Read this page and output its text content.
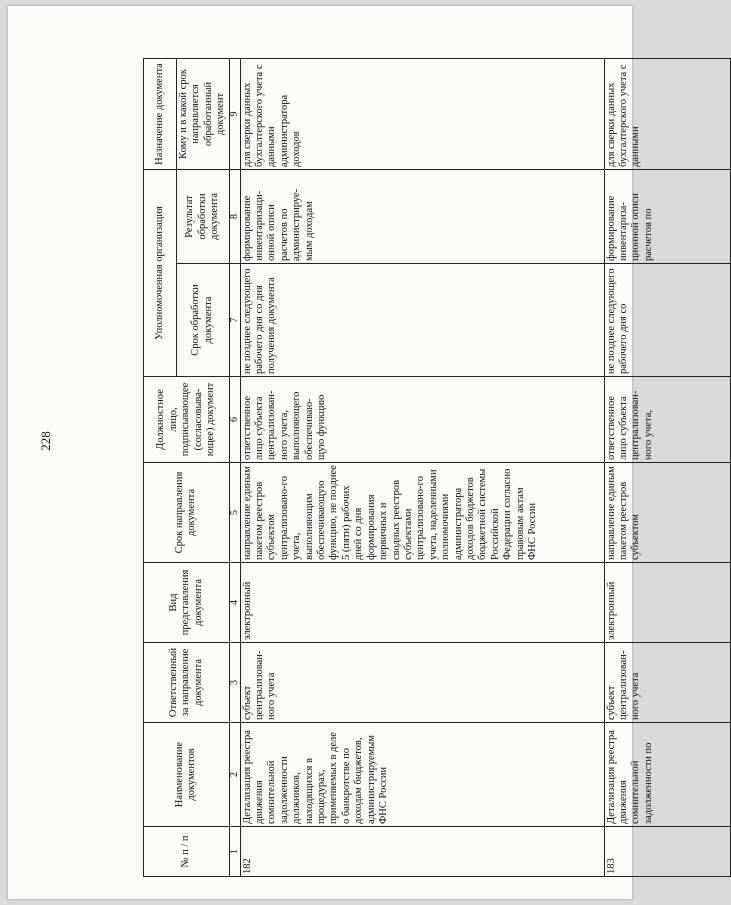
228
№ п / п	Наименование документов	Ответственный за направление документа	Вид представления документа	Срок направления документа	Должностное лицо, подписывающее (согласовыва-ющее) документ	Уполномоченная организация		Назначение документа
						Срок обработки документа	Результат обработки документа	Кому и в какой срок направляется обработанный документ
1	2	3	4	5	6	7	8	9
182	Детализация реестра движения сомнительной задолженности должников, находящихся в процедурах, применяемых в деле о банкротстве по доходам бюджетов, администрируемым ФНС России	субъект централизован-ного учета	электронный	направление единым пакетом реестров субъектом централизовано-го учета, выполняющим обеспечивающую функцию, не позднее 5 (пяти) рабочих дней со дня формирования первичных и сводных реестров субъектами централизовано-го учета, наделенными полномочиями администратора доходов бюджетов бюджетной системы Российской Федерации согласно правовым актам ФНС России	ответственное лицо субъекта централизован-ного учета, выполняющего обеспечиваю-щую функцию	не позднее следующего рабочего дня со дня получения документа	формирование инвентаризаци-онной описи расчетов по администрируе-мым доходам	для сверки данных бухгалтерского учета с данными администратора доходов
183	Детализация реестра движения сомнительной задолженности по	субъект централизован-ного учета	электронный	направление единым пакетом реестров субъектом	ответственное лицо субъекта централизован-ного учета,	не позднее следующего рабочего дня со	формирование инвентариза-ционной описи расчетов по	для сверки данных бухгалтерского учета с данными
